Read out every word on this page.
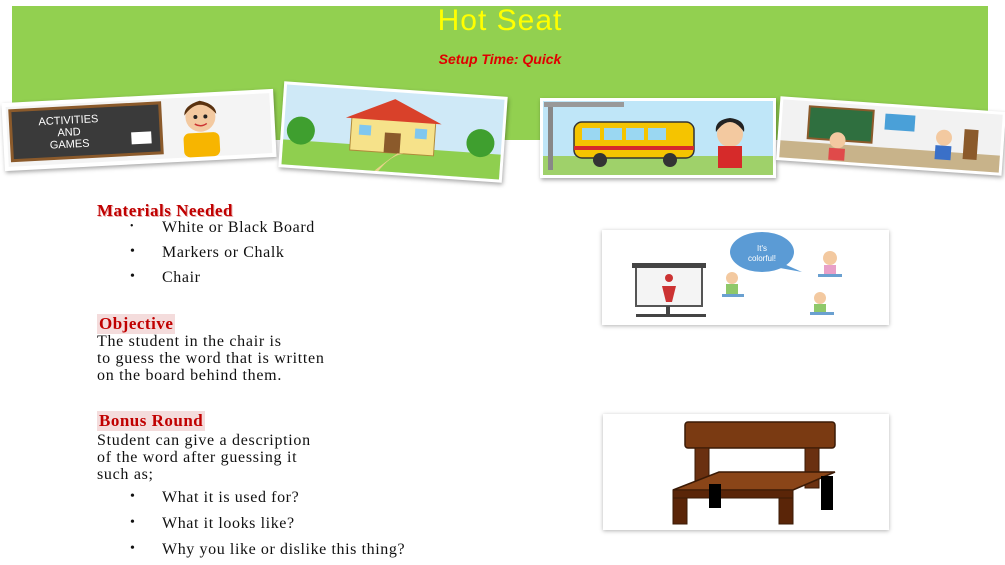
Hot Seat
Setup Time: Quick
ACTIVITIES
AND
GAMES
Materials Needed
• White or Black Board
• Markers or Chalk
• Chair
Objective

The student in the chair is
to guess the word that is written
on the board behind them.

Bonus Round

Student can give a description
of the word after guessing it
such as;

• What it is used for?
• What it looks like?
• Why you like or dislike this thing?
It's
colorful!
